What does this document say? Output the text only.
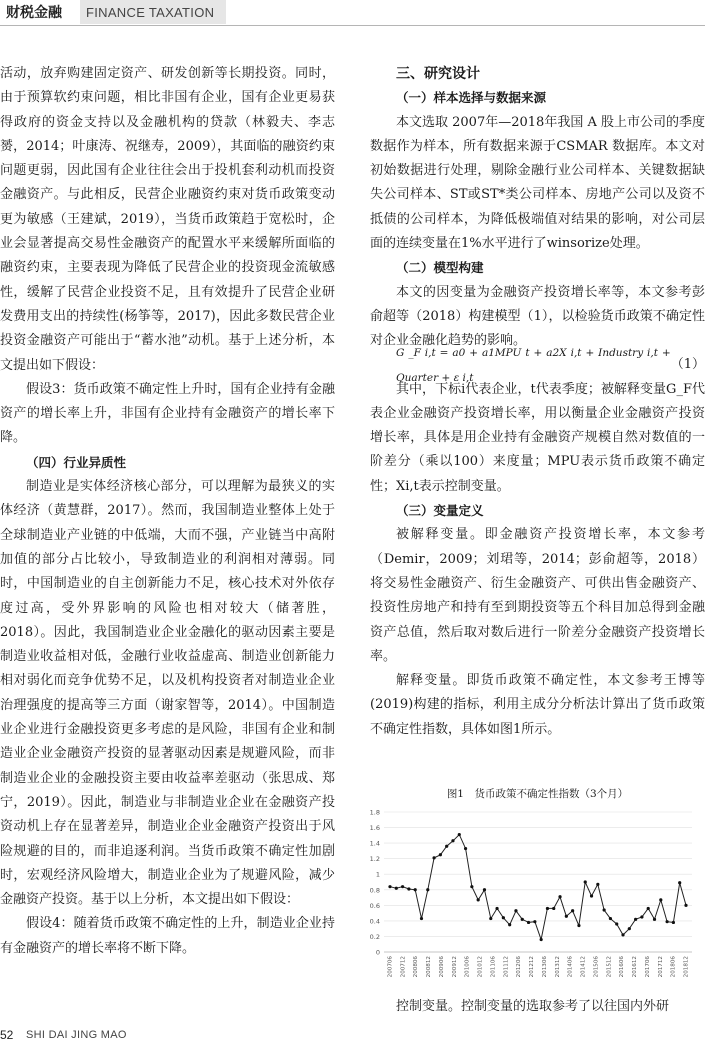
财税金融	FINANCE TAXATION

活动，放弃购建固定资产、研发创新等长期投资。同时，由于预算软约束问题，相比非国有企业，国有企业更易获得政府的资金支持以及金融机构的贷款（林毅夫、李志赟，2014；叶康涛、祝继寿，2009），其面临的融资约束问题更弱，因此国有企业往往会出于投机套利动机而投资金融资产。与此相反，民营企业融资约束对货币政策变动更为敏感（王建斌，2019），当货币政策趋于宽松时，企业会显著提高交易性金融资产的配置水平来缓解所面临的融资约束，主要表现为降低了民营企业的投资现金流敏感性，缓解了民营企业投资不足，且有效提升了民营企业研发费用支出的持续性(杨筝等，2017)，因此多数民营企业投资金融资产可能出于“蓄水池”动机。基于上述分析，本文提出如下假设：

假设3：货币政策不确定性上升时，国有企业持有金融资产的增长率上升，非国有企业持有金融资产的增长率下降。

（四）行业异质性

制造业是实体经济核心部分，可以理解为最狭义的实体经济（黄慧群，2017）。然而，我国制造业整体上处于全球制造业产业链的中低端，大而不强，产业链当中高附加值的部分占比较小，导致制造业的利润相对薄弱。同时，中国制造业的自主创新能力不足，核心技术对外依存度过高，受外界影响的风险也相对较大（储著胜，2018）。因此，我国制造业企业金融化的驱动因素主要是制造业收益相对低，金融行业收益虚高、制造业创新能力相对弱化而竞争优势不足，以及机构投资者对制造业企业治理强度的提高等三方面（谢家智等，2014）。中国制造业企业进行金融投资更多考虑的是风险，非国有企业和制造业企业金融资产投资的显著驱动因素是规避风险，而非制造业企业的金融投资主要由收益率差驱动（张思成、郑宁，2019）。因此，制造业与非制造业企业在金融资产投资动机上存在显著差异，制造业企业金融资产投资出于风险规避的目的，而非追逐利润。当货币政策不确定性加剧时，宏观经济风险增大，制造业企业为了规避风险，减少金融资产投资。基于以上分析，本文提出如下假设：

假设4：随着货币政策不确定性的上升，制造业企业持有金融资产的增长率将不断下降。

三、研究设计

（一）样本选择与数据来源

本文选取 2007年—2018年我国 A 股上市公司的季度数据作为样本，所有数据来源于CSMAR 数据库。本文对初始数据进行处理，剔除金融行业公司样本、关键数据缺失公司样本、ST或ST*类公司样本、房地产公司以及资不抵债的公司样本，为降低极端值对结果的影响，对公司层面的连续变量在1%水平进行了winsorize处理。

（二）模型构建

本文的因变量为金融资产投资增长率等，本文参考彭俞超等（2018）构建模型（1），以检验货币政策不确定性对企业金融化趋势的影响。

G _F i,t = a0 + a1MPU t + a2X i,t + Industry i,t + Quarter + ε i,t
（1）

其中，下标i代表企业，t代表季度；被解释变量G_F代表企业金融资产投资增长率，用以衡量企业金融资产投资增长率，具体是用企业持有金融资产规模自然对数值的一阶差分（乘以100）来度量；MPU表示货币政策不确定性；Xi,t表示控制变量。

（三）变量定义

被解释变量。即金融资产投资增长率，本文参考（Demir，2009；刘珺等，2014；彭俞超等，2018）将交易性金融资产、衍生金融资产、可供出售金融资产、投资性房地产和持有至到期投资等五个科目加总得到金融资产总值，然后取对数后进行一阶差分金融资产投资增长率。

解释变量。即货币政策不确定性，本文参考王博等(2019)构建的指标，利用主成分分析法计算出了货币政策不确定性指数，具体如图1所示。

图1　货币政策不确定性指数（3个月）
0
0.2
0.4
0.6
0.8
1
1.2
1.4
1.6
1.8
200706 200712 200806 200812 200906 200912 201006 201012 201106 201112 201206 201212 201306 201312 201406 201412 201506 201512 201606 201612 201706 201712 201806 201812

控制变量。控制变量的选取参考了以往国内外研

52 SHI DAI JING MAO
